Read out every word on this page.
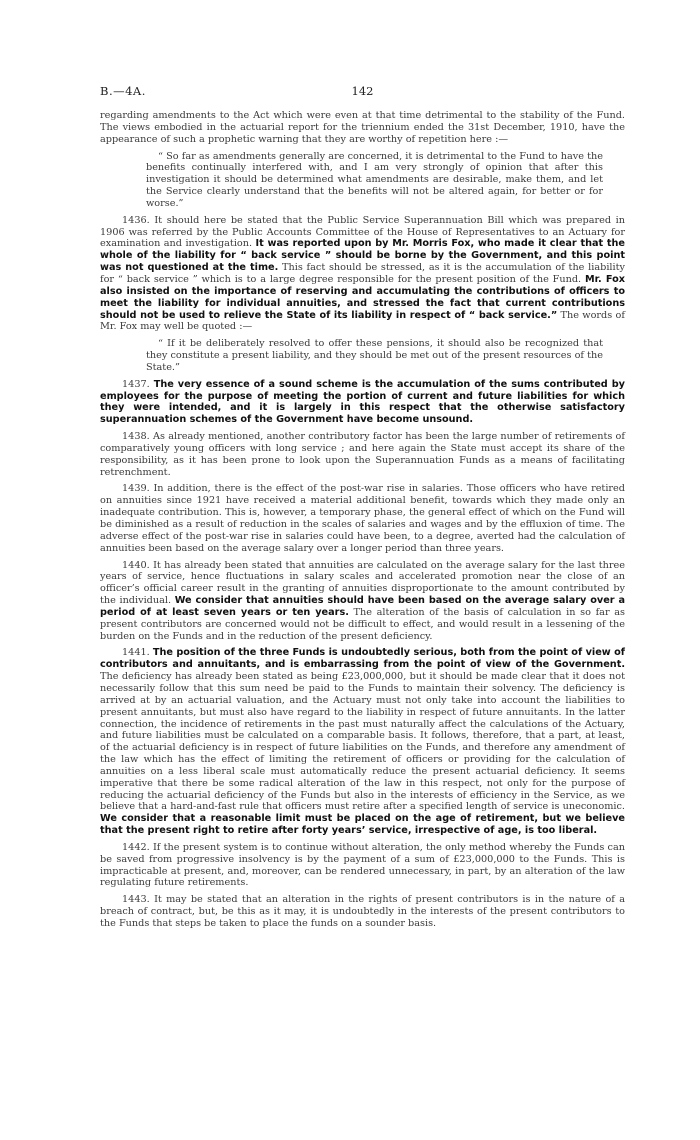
B.—4A.	142

regarding amendments to the Act which were even at that time detrimental to the stability of the Fund. The views embodied in the actuarial report for the triennium ended the 31st December, 1910, have the appearance of such a prophetic warning that they are worthy of repetition here :—

“ So far as amendments generally are concerned, it is detrimental to the Fund to have the benefits continually interfered with, and I am very strongly of opinion that after this investigation it should be determined what amendments are desirable, make them, and let the Service clearly understand that the benefits will not be altered again, for better or for worse.”

1436. It should here be stated that the Public Service Superannuation Bill which was prepared in 1906 was referred by the Public Accounts Committee of the House of Representatives to an Actuary for examination and investigation. It was reported upon by Mr. Morris Fox, who made it clear that the whole of the liability for “ back service ” should be borne by the Government, and this point was not questioned at the time. This fact should be stressed, as it is the accumulation of the liability for “ back service ” which is to a large degree responsible for the present position of the Fund. Mr. Fox also insisted on the importance of reserving and accumulating the contributions of officers to meet the liability for individual annuities, and stressed the fact that current contributions should not be used to relieve the State of its liability in respect of “ back service.” The words of Mr. Fox may well be quoted :—

“ If it be deliberately resolved to offer these pensions, it should also be recognized that they constitute a present liability, and they should be met out of the present resources of the State.”

1437. The very essence of a sound scheme is the accumulation of the sums contributed by employees for the purpose of meeting the portion of current and future liabilities for which they were intended, and it is largely in this respect that the otherwise satisfactory superannuation schemes of the Government have become unsound.

1438. As already mentioned, another contributory factor has been the large number of retirements of comparatively young officers with long service ; and here again the State must accept its share of the responsibility, as it has been prone to look upon the Superannuation Funds as a means of facilitating retrenchment.

1439. In addition, there is the effect of the post-war rise in salaries. Those officers who have retired on annuities since 1921 have received a material additional benefit, towards which they made only an inadequate contribution. This is, however, a temporary phase, the general effect of which on the Fund will be diminished as a result of reduction in the scales of salaries and wages and by the effluxion of time. The adverse effect of the post-war rise in salaries could have been, to a degree, averted had the calculation of annuities been based on the average salary over a longer period than three years.

1440. It has already been stated that annuities are calculated on the average salary for the last three years of service, hence fluctuations in salary scales and accelerated promotion near the close of an officer’s official career result in the granting of annuities disproportionate to the amount contributed by the individual. We consider that annuities should have been based on the average salary over a period of at least seven years or ten years. The alteration of the basis of calculation in so far as present contributors are concerned would not be difficult to effect, and would result in a lessening of the burden on the Funds and in the reduction of the present deficiency.

1441. The position of the three Funds is undoubtedly serious, both from the point of view of contributors and annuitants, and is embarrassing from the point of view of the Government. The deficiency has already been stated as being £23,000,000, but it should be made clear that it does not necessarily follow that this sum need be paid to the Funds to maintain their solvency. The deficiency is arrived at by an actuarial valuation, and the Actuary must not only take into account the liabilities to present annuitants, but must also have regard to the liability in respect of future annuitants. In the latter connection, the incidence of retirements in the past must naturally affect the calculations of the Actuary, and future liabilities must be calculated on a comparable basis. It follows, therefore, that a part, at least, of the actuarial deficiency is in respect of future liabilities on the Funds, and therefore any amendment of the law which has the effect of limiting the retirement of officers or providing for the calculation of annuities on a less liberal scale must automatically reduce the present actuarial deficiency. It seems imperative that there be some radical alteration of the law in this respect, not only for the purpose of reducing the actuarial deficiency of the Funds but also in the interests of efficiency in the Service, as we believe that a hard-and-fast rule that officers must retire after a specified length of service is uneconomic. We consider that a reasonable limit must be placed on the age of retirement, but we believe that the present right to retire after forty years’ service, irrespective of age, is too liberal.

1442. If the present system is to continue without alteration, the only method whereby the Funds can be saved from progressive insolvency is by the payment of a sum of £23,000,000 to the Funds. This is impracticable at present, and, moreover, can be rendered unnecessary, in part, by an alteration of the law regulating future retirements.

1443. It may be stated that an alteration in the rights of present contributors is in the nature of a breach of contract, but, be this as it may, it is undoubtedly in the interests of the present contributors to the Funds that steps be taken to place the funds on a sounder basis.
